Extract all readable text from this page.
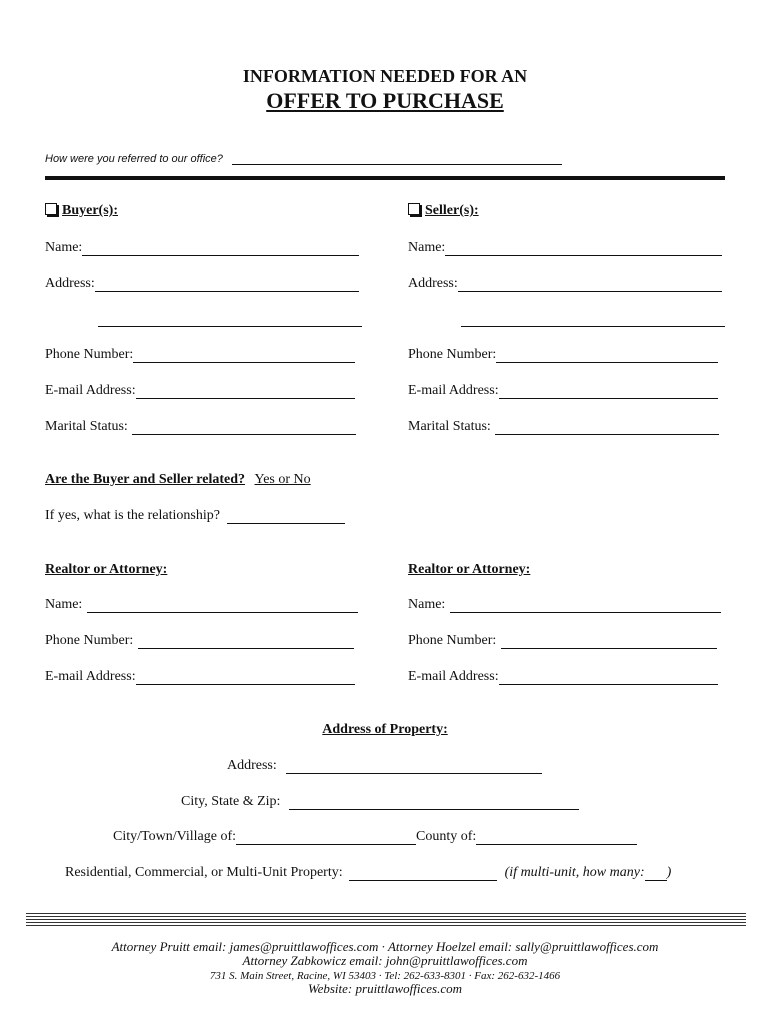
INFORMATION NEEDED FOR AN
OFFER TO PURCHASE
How were you referred to our office?
Buyer(s):
Name:
Address:
Phone Number:
E-mail Address:
Marital Status:
Seller(s):
Name:
Address:
Phone Number:
E-mail Address:
Marital Status:
Are the Buyer and Seller related? Yes or No
If yes, what is the relationship?
Realtor or Attorney:
Name:
Phone Number:
E-mail Address:
Realtor or Attorney:
Name:
Phone Number:
E-mail Address:
Address of Property:
Address:
City, State & Zip:
City/Town/Village of:	County of:
Residential, Commercial, or Multi-Unit Property:	(if multi-unit, how many: )
Attorney Pruitt email: james@pruittlawoffices.com · Attorney Hoelzel email: sally@pruittlawoffices.com
Attorney Zabkowicz email: john@pruittlawoffices.com
731 S. Main Street, Racine, WI 53403 · Tel: 262-633-8301 · Fax: 262-632-1466
Website: pruittlawoffices.com
